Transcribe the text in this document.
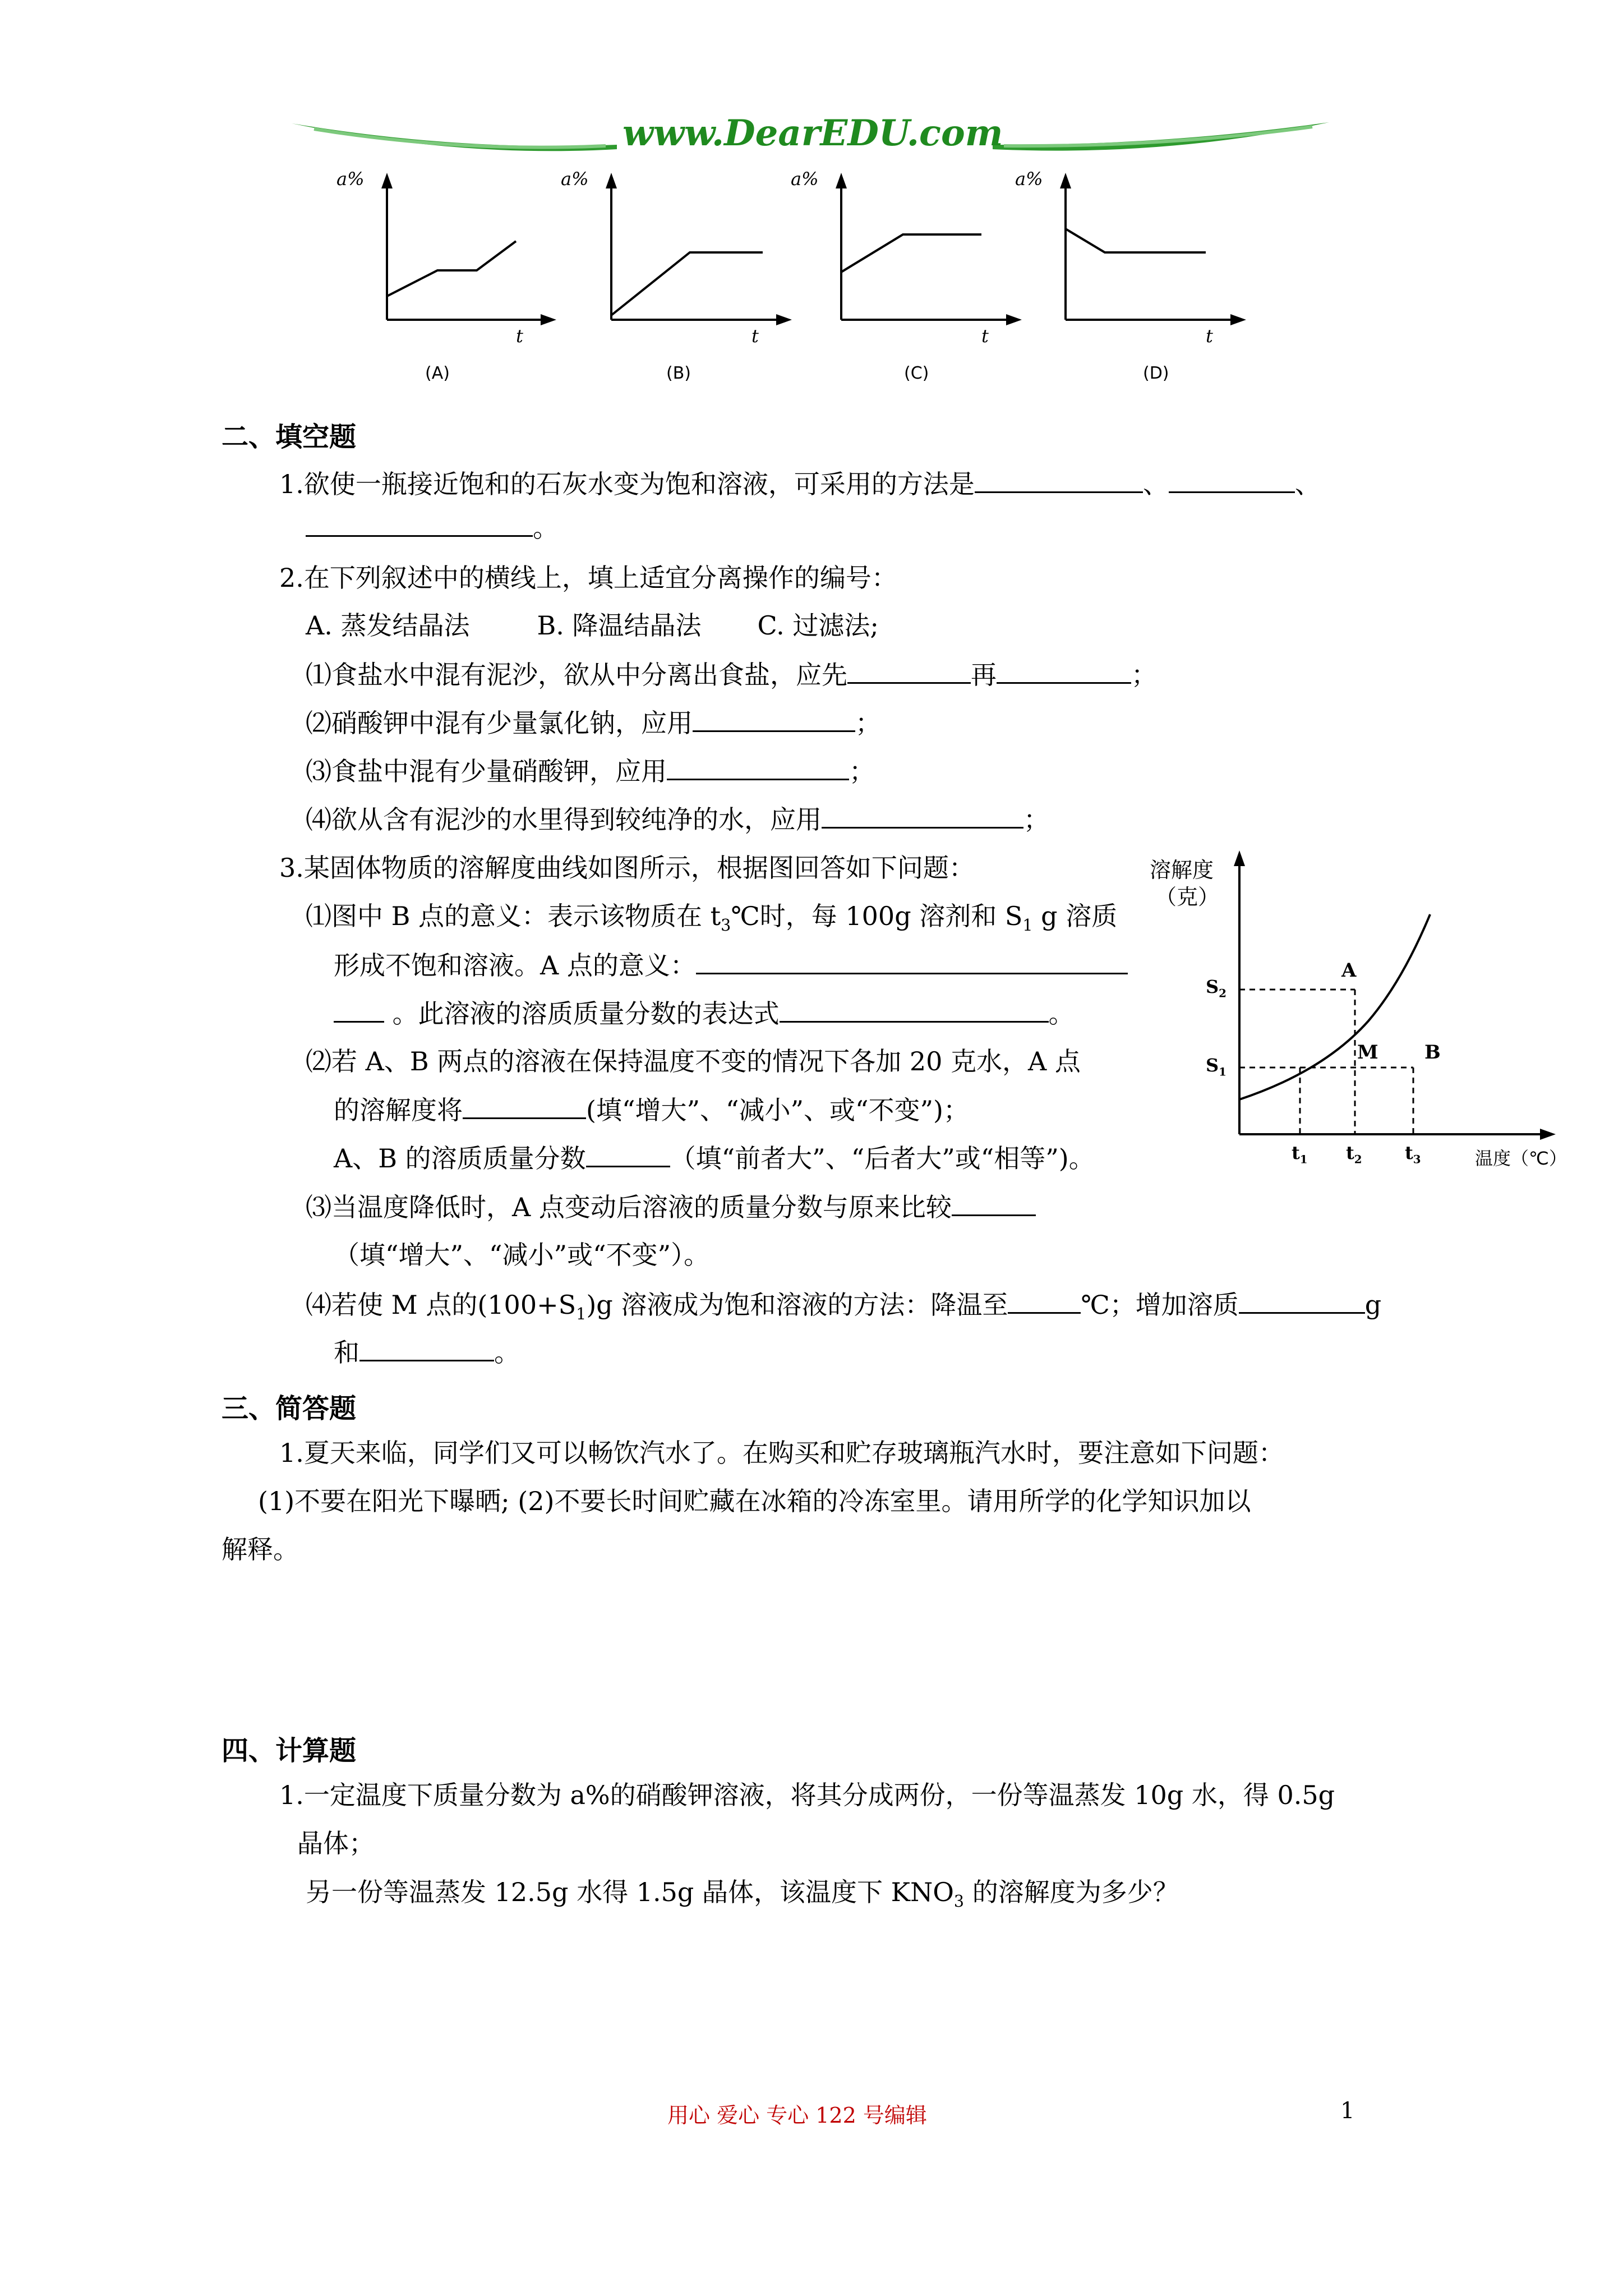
www.DearEDU.com
a%
t
(A)
a%
t
(B)
a%
t
(C)
a%
t
(D)
二、填空题
1.欲使一瓶接近饱和的石灰水变为饱和溶液，可采用的方法是	、	、
。
2.在下列叙述中的横线上，填上适宜分离操作的编号：
A. 蒸发结晶法	B. 降温结晶法 C. 过滤法;
⑴食盐水中混有泥沙，欲从中分离出食盐，应先	再	；
⑵硝酸钾中混有少量氯化钠，应用	；
⑶食盐中混有少量硝酸钾，应用	；
⑷欲从含有泥沙的水里得到较纯净的水，应用	；
3.某固体物质的溶解度曲线如图所示，根据图回答如下问题：
⑴图中 B 点的意义：表示该物质在 $t_3℃$时，每 100g 溶剂和 $S_1$ g 溶质
形成不饱和溶液。A 点的意义：
。此溶液的溶质质量分数的表达式	。
⑵若 A、B 两点的溶液在保持温度不变的情况下各加 20 克水，A 点
的溶解度将	(填“增大”、“减小”、或“不变”)；
A、B 的溶质质量分数	（填“前者大”、“后者大”或“相等”)。
⑶当温度降低时，A 点变动后溶液的质量分数与原来比较
（填“增大”、“减小”或“不变”）。
⑷若使 M 点的$(100+S_1)g$ 溶液成为饱和溶液的方法：降温至	℃；增加溶质	g
和	。
溶解度
（克）
$S_2$
$S_1$
$t_1$ $t_2$ $t_3$	温度（℃）
A
M B
三、简答题
1.夏天来临，同学们又可以畅饮汽水了。在购买和贮存玻璃瓶汽水时，要注意如下问题：
(1)不要在阳光下曝晒; (2)不要长时间贮藏在冰箱的冷冻室里。请用所学的化学知识加以
解释。
四、计算题
1.一定温度下质量分数为 a%的硝酸钾溶液，将其分成两份，一份等温蒸发 10g 水，得 0.5g
晶体；
另一份等温蒸发 12.5g 水得 1.5g 晶体，该温度下 $KNO_3$ 的溶解度为多少？
用心 爱心 专心 122 号编辑	1
